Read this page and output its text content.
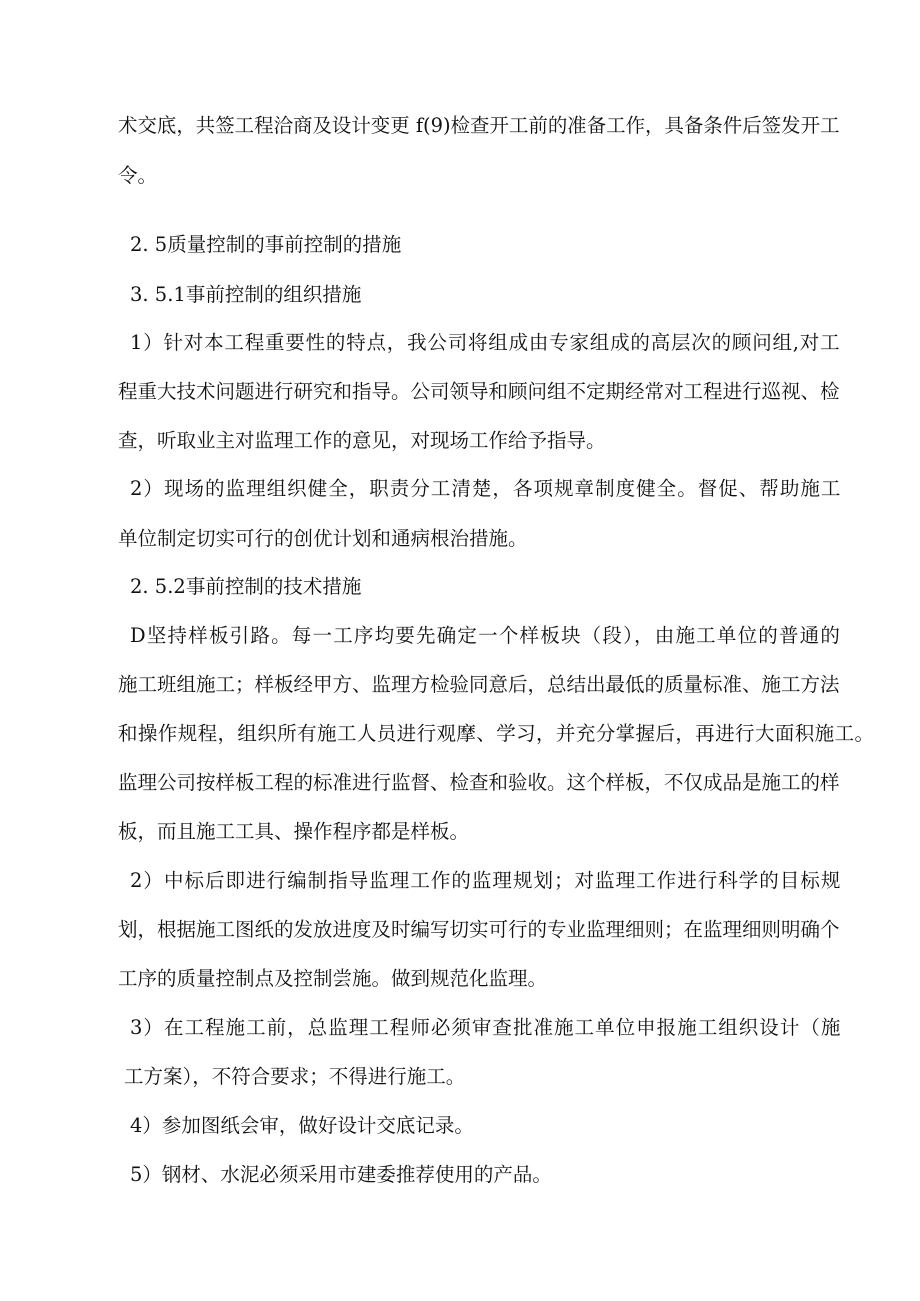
术交底，共签工程洽商及设计变更 f(9)检查开工前的准备工作，具备条件后签发开工
令。
2. 5质量控制的事前控制的措施
3. 5.1事前控制的组织措施
1）针对本工程重要性的特点，我公司将组成由专家组成的高层次的顾问组,对工
程重大技术问题进行研究和指导。公司领导和顾问组不定期经常对工程进行巡视、检
查，听取业主对监理工作的意见，对现场工作给予指导。
2）现场的监理组织健全，职责分工清楚，各项规章制度健全。督促、帮助施工
单位制定切实可行的创优计划和通病根治措施。
2. 5.2事前控制的技术措施
D坚持样板引路。每一工序均要先确定一个样板块（段），由施工单位的普通的
施工班组施工；样板经甲方、监理方检验同意后，总结出最低的质量标准、施工方法
和操作规程，组织所有施工人员进行观摩、学习，并充分掌握后，再进行大面积施工。
监理公司按样板工程的标准进行监督、检查和验收。这个样板，不仅成品是施工的样
板，而且施工工具、操作程序都是样板。
2）中标后即进行编制指导监理工作的监理规划；对监理工作进行科学的目标规
划，根据施工图纸的发放进度及时编写切实可行的专业监理细则；在监理细则明确个
工序的质量控制点及控制尝施。做到规范化监理。
3）在工程施工前，总监理工程师必须审查批准施工单位申报施工组织设计（施
工方案），不符合要求；不得进行施工。
4）参加图纸会审，做好设计交底记录。
5）钢材、水泥必须采用市建委推荐使用的产品。
